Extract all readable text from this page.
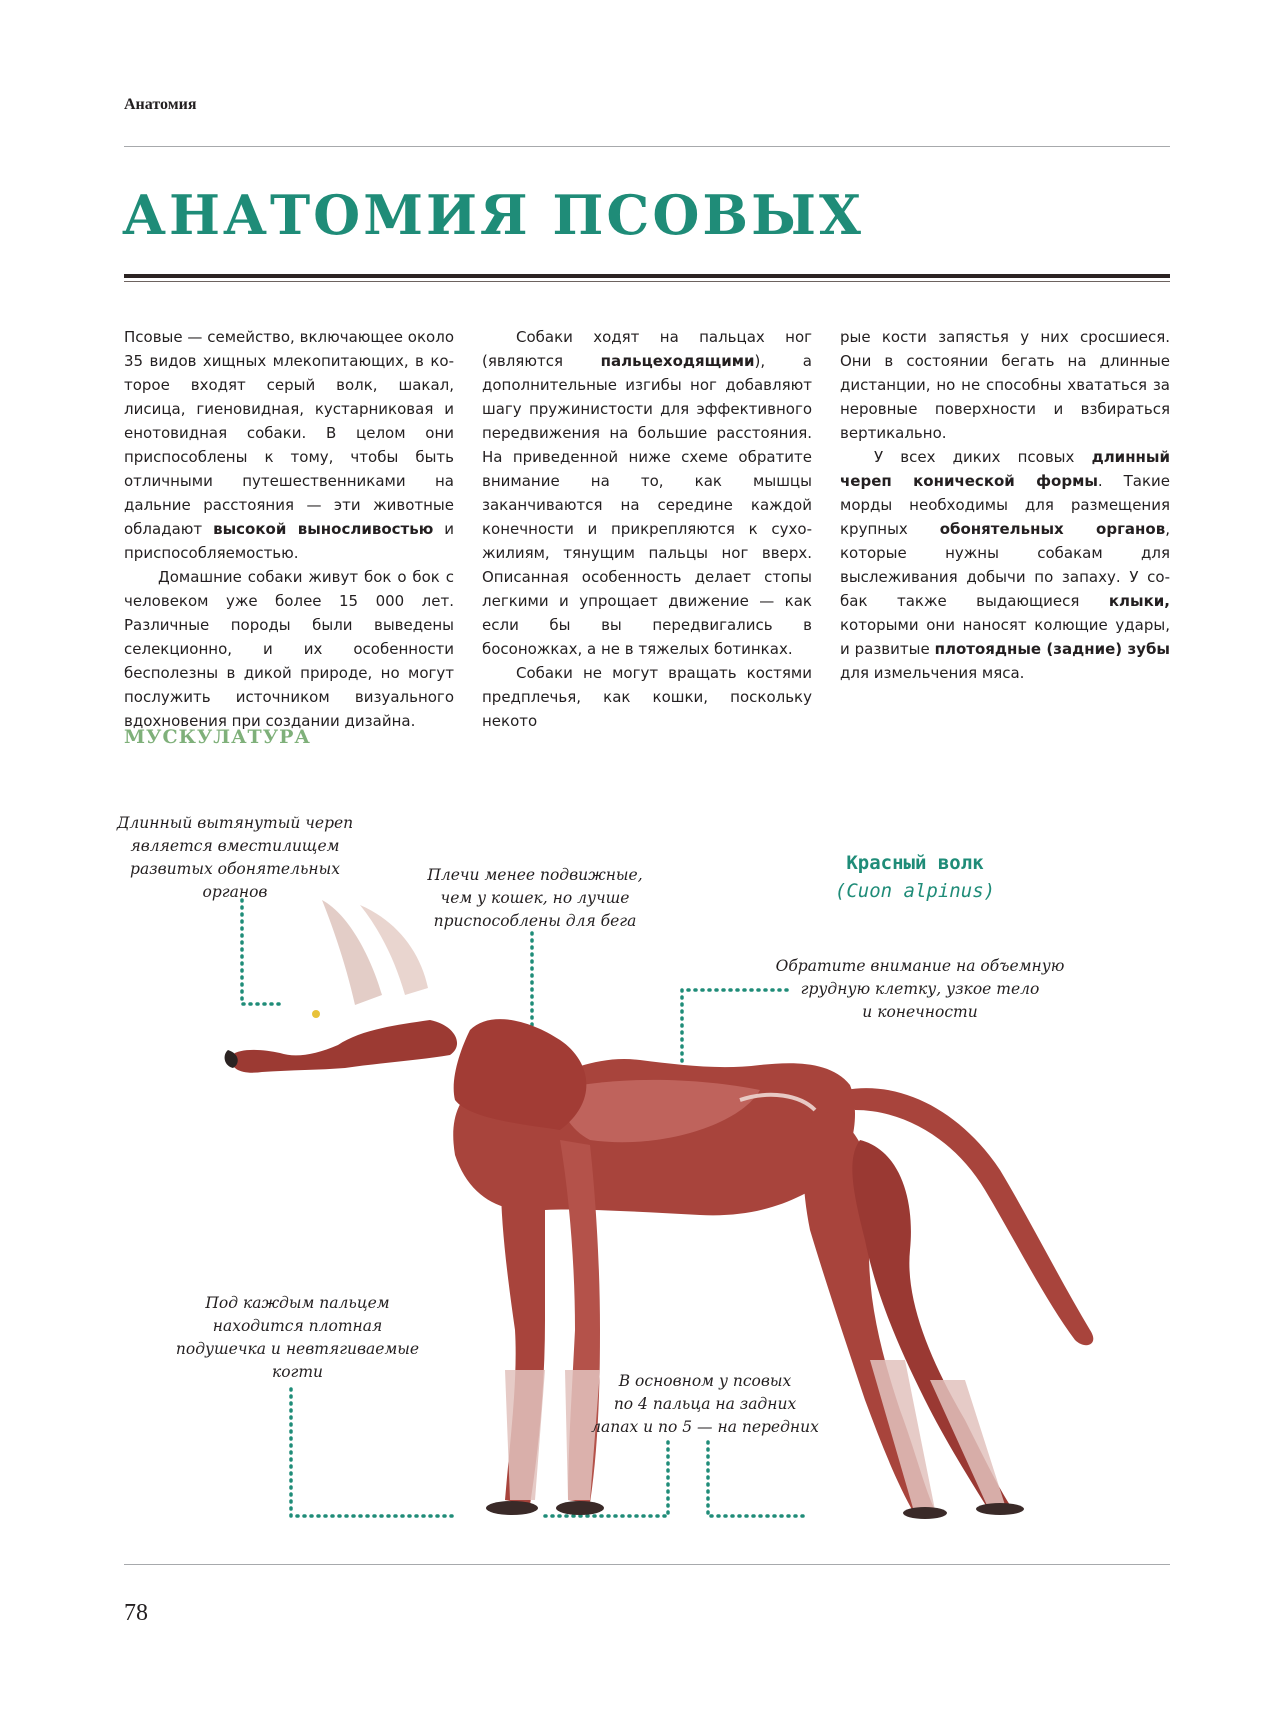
Анатомия
АНАТОМИЯ ПСОВЫХ

Псовые — семейство, включающее около 35 видов хищных млекопитающих, в которое входят серый волк, шакал, лисица, гиеновидная, кустарниковая и енотовидная собаки. В целом они приспособлены к тому, чтобы быть отличными путешественниками на дальние расстояния — эти животные обладают высокой выносливостью и приспособляемостью.

Домашние собаки живут бок о бок с человеком уже более 15 000 лет. Различные породы были выведены селекционно, и их особенности бесполезны в дикой природе, но могут послужить источником визуального вдохновения при создании дизайна.

Собаки ходят на пальцах ног (являются пальцеходящими), а дополнительные изгибы ног добавляют шагу пружинистости для эффективного передвижения на большие расстояния. На приведенной ниже схеме обратите внимание на то, как мышцы заканчиваются на середине каждой конечности и прикрепляются к сухожилиям, тянущим пальцы ног вверх. Описанная особенность делает стопы легкими и упрощает движение — как если бы вы передвигались в босоножках, а не в тяжелых ботинках.

Собаки не могут вращать костями предплечья, как кошки, поскольку некото

рые кости запястья у них сросшиеся. Они в состоянии бегать на длинные дистанции, но не способны хвататься за неровные поверхности и взбираться вертикально.

У всех диких псовых длинный череп конической формы. Такие морды необходимы для размещения крупных обонятельных органов, которые нужны собакам для выслеживания добычи по запаху. У собак также выдающиеся клыки, которыми они наносят колющие удары, и развитые плотоядные (задние) зубы для измельчения мяса.

МУСКУЛАТУРА
Длинный вытянутый череп
является вместилищем
развитых обонятельных
органов
Плечи менее подвижные,
чем у кошек, но лучше
приспособлены для бега
Красный волк
(Cuon alpinus)
Обратите внимание на объемную
грудную клетку, узкое тело
и конечности
Под каждым пальцем
находится плотная
подушечка и невтягиваемые
когти	В основном у псовых
по 4 пальца на задних
лапах и по 5 — на передних
78
